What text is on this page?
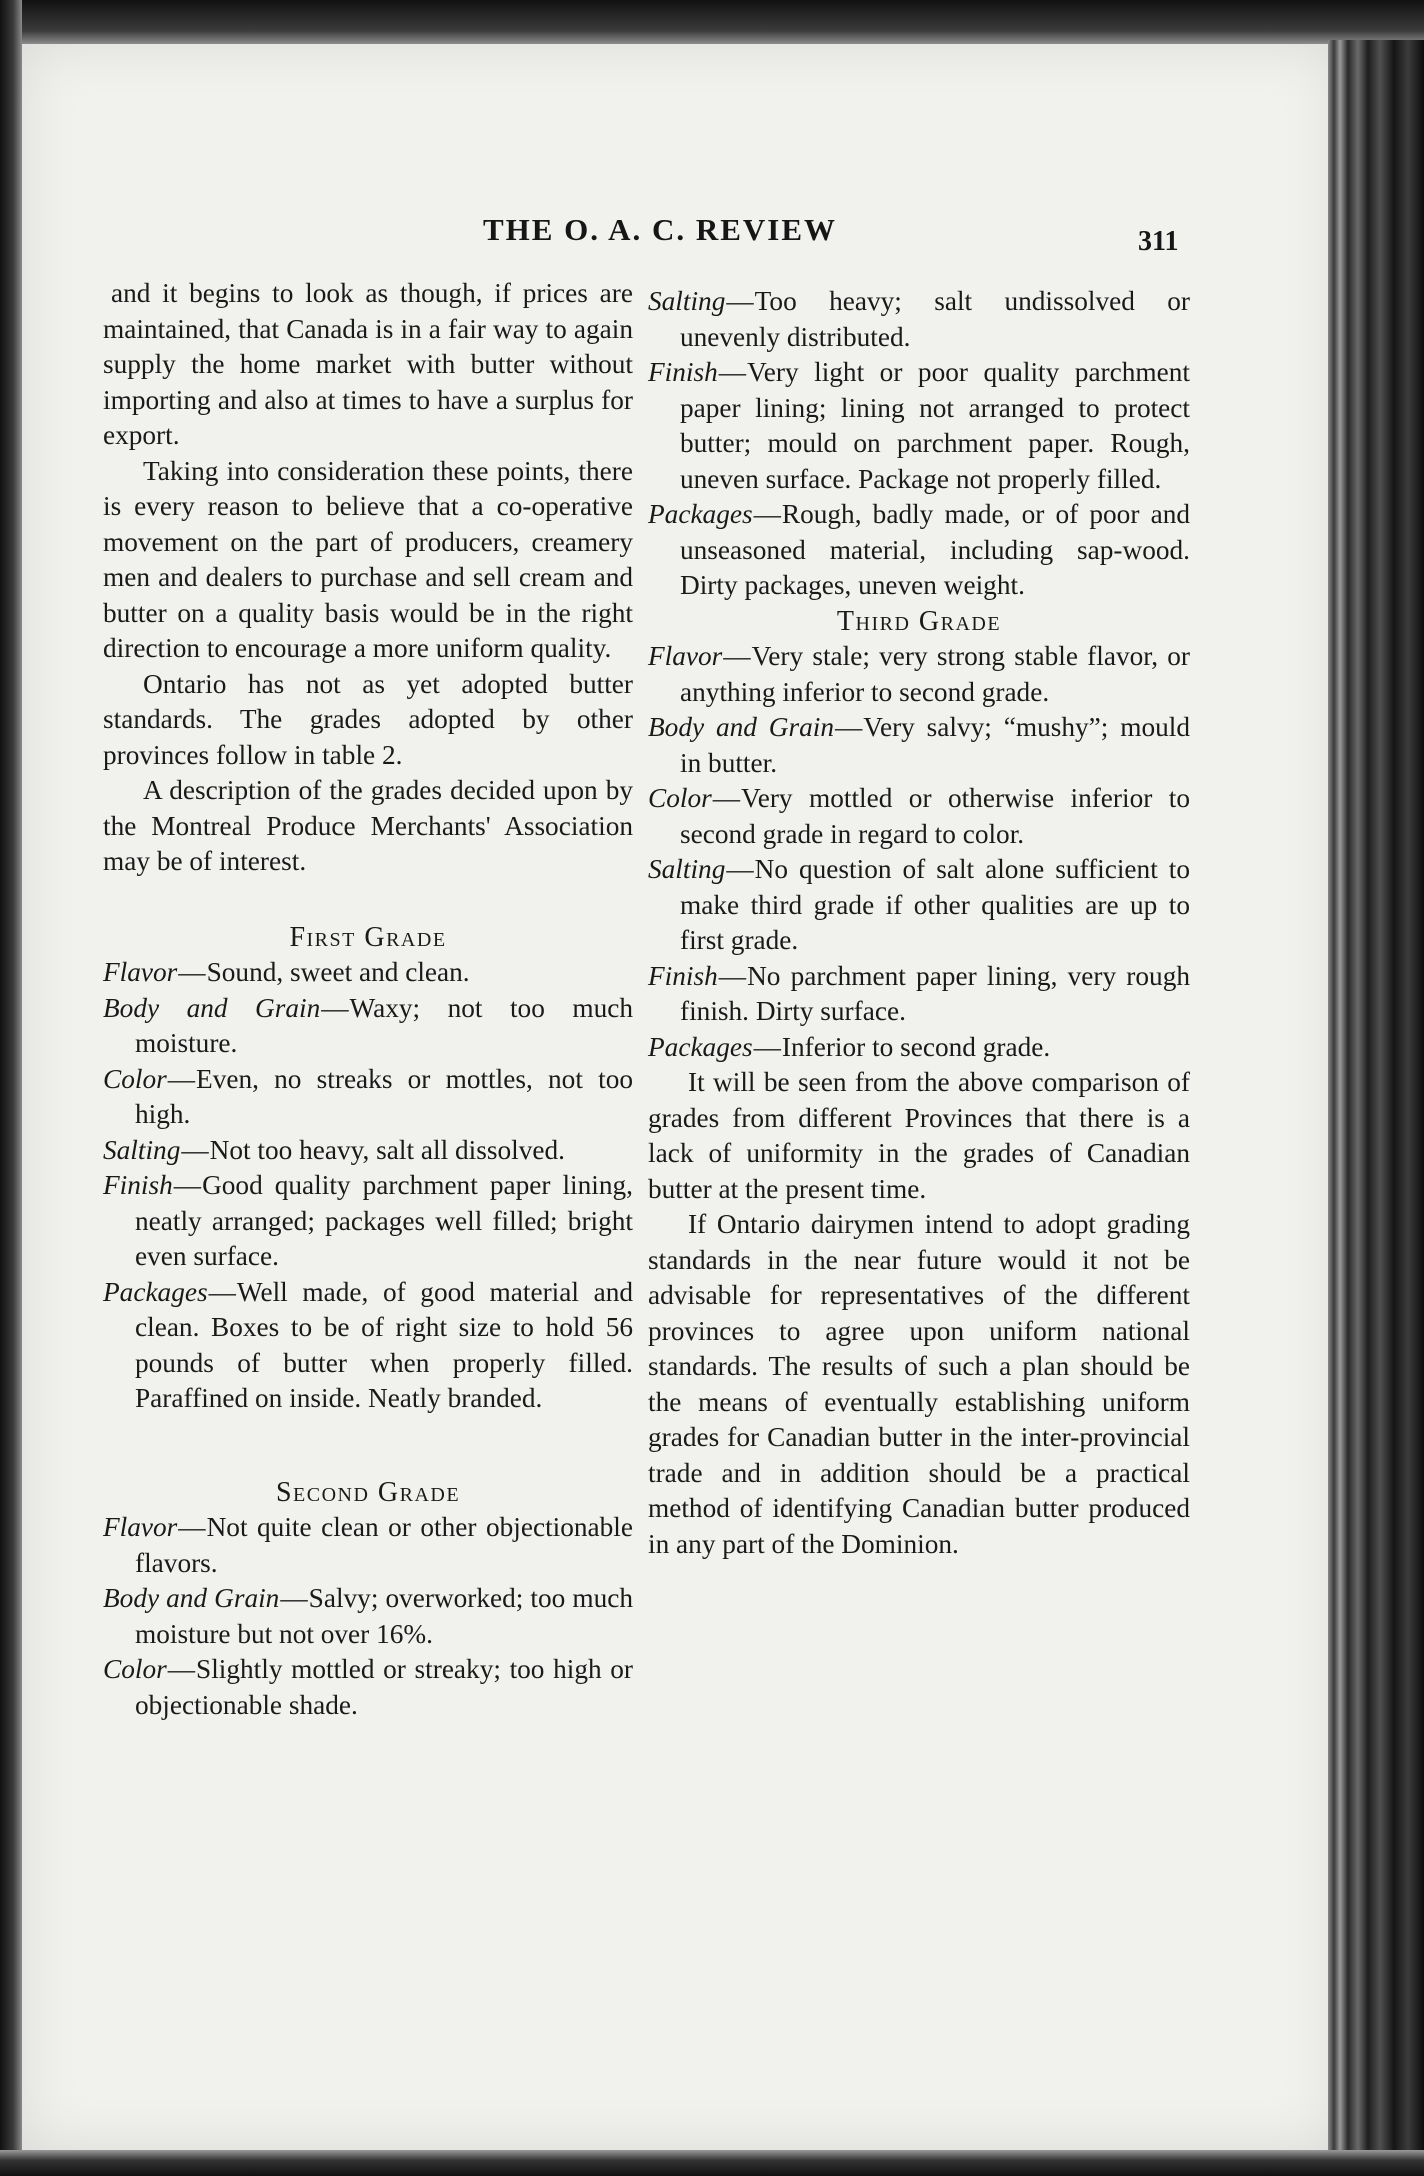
THE O. A. C. REVIEW	311

and it begins to look as though, if prices are maintained, that Canada is in a fair way to again supply the home market with butter without importing and also at times to have a surplus for export.

Taking into consideration these points, there is every reason to believe that a co-operative movement on the part of producers, creamery men and dealers to purchase and sell cream and butter on a quality basis would be in the right direction to encourage a more uniform quality.

Ontario has not as yet adopted butter standards. The grades adopted by other provinces follow in table 2.

A description of the grades decided upon by the Montreal Produce Merchants' Association may be of interest.

First Grade

Flavor—Sound, sweet and clean.

Body and Grain—Waxy; not too much moisture.

Color—Even, no streaks or mottles, not too high.

Salting—Not too heavy, salt all dissolved.

Finish—Good quality parchment paper lining, neatly arranged; packages well filled; bright even surface.

Packages—Well made, of good material and clean. Boxes to be of right size to hold 56 pounds of butter when properly filled. Paraffined on inside. Neatly branded.

Second Grade

Flavor—Not quite clean or other objectionable flavors.

Body and Grain—Salvy; overworked; too much moisture but not over 16%.

Color—Slightly mottled or streaky; too high or objectionable shade.

Salting—Too heavy; salt undissolved or unevenly distributed.

Finish—Very light or poor quality parchment paper lining; lining not arranged to protect butter; mould on parchment paper. Rough, uneven surface. Package not properly filled.

Packages—Rough, badly made, or of poor and unseasoned material, including sap-wood. Dirty packages, uneven weight.

Third Grade

Flavor—Very stale; very strong stable flavor, or anything inferior to second grade.

Body and Grain—Very salvy; “mushy”; mould in butter.

Color—Very mottled or otherwise inferior to second grade in regard to color.

Salting—No question of salt alone sufficient to make third grade if other qualities are up to first grade.

Finish—No parchment paper lining, very rough finish. Dirty surface.

Packages—Inferior to second grade.

It will be seen from the above comparison of grades from different Provinces that there is a lack of uniformity in the grades of Canadian butter at the present time.

If Ontario dairymen intend to adopt grading standards in the near future would it not be advisable for representatives of the different provinces to agree upon uniform national standards. The results of such a plan should be the means of eventually establishing uniform grades for Canadian butter in the inter-provincial trade and in addition should be a practical method of identifying Canadian butter produced in any part of the Dominion.
